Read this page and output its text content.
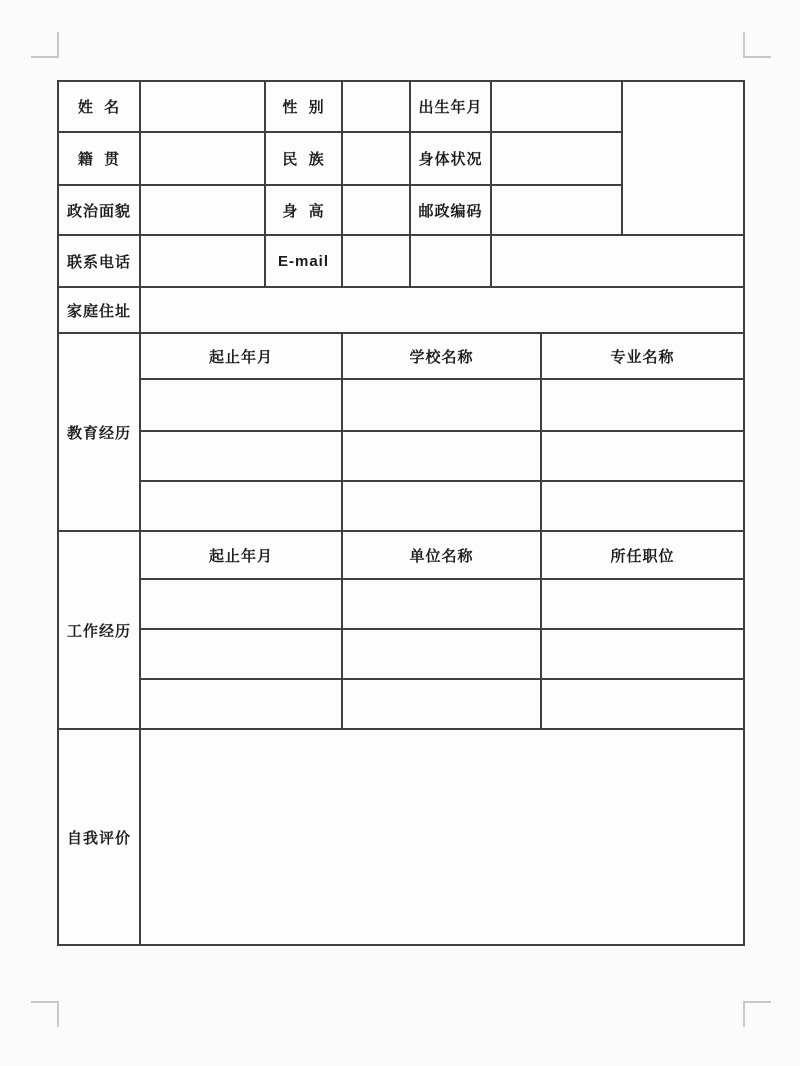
姓  名		性  别		出生年月			
籍  贯		民  族		身体状况			
政治面貌		身  高		邮政编码			
联系电话		E-mail					
家庭住址							
教育经历	起止年月		学校名称			专业名称	

工作经历	起止年月		单位名称			所任职位	

自我评价							
